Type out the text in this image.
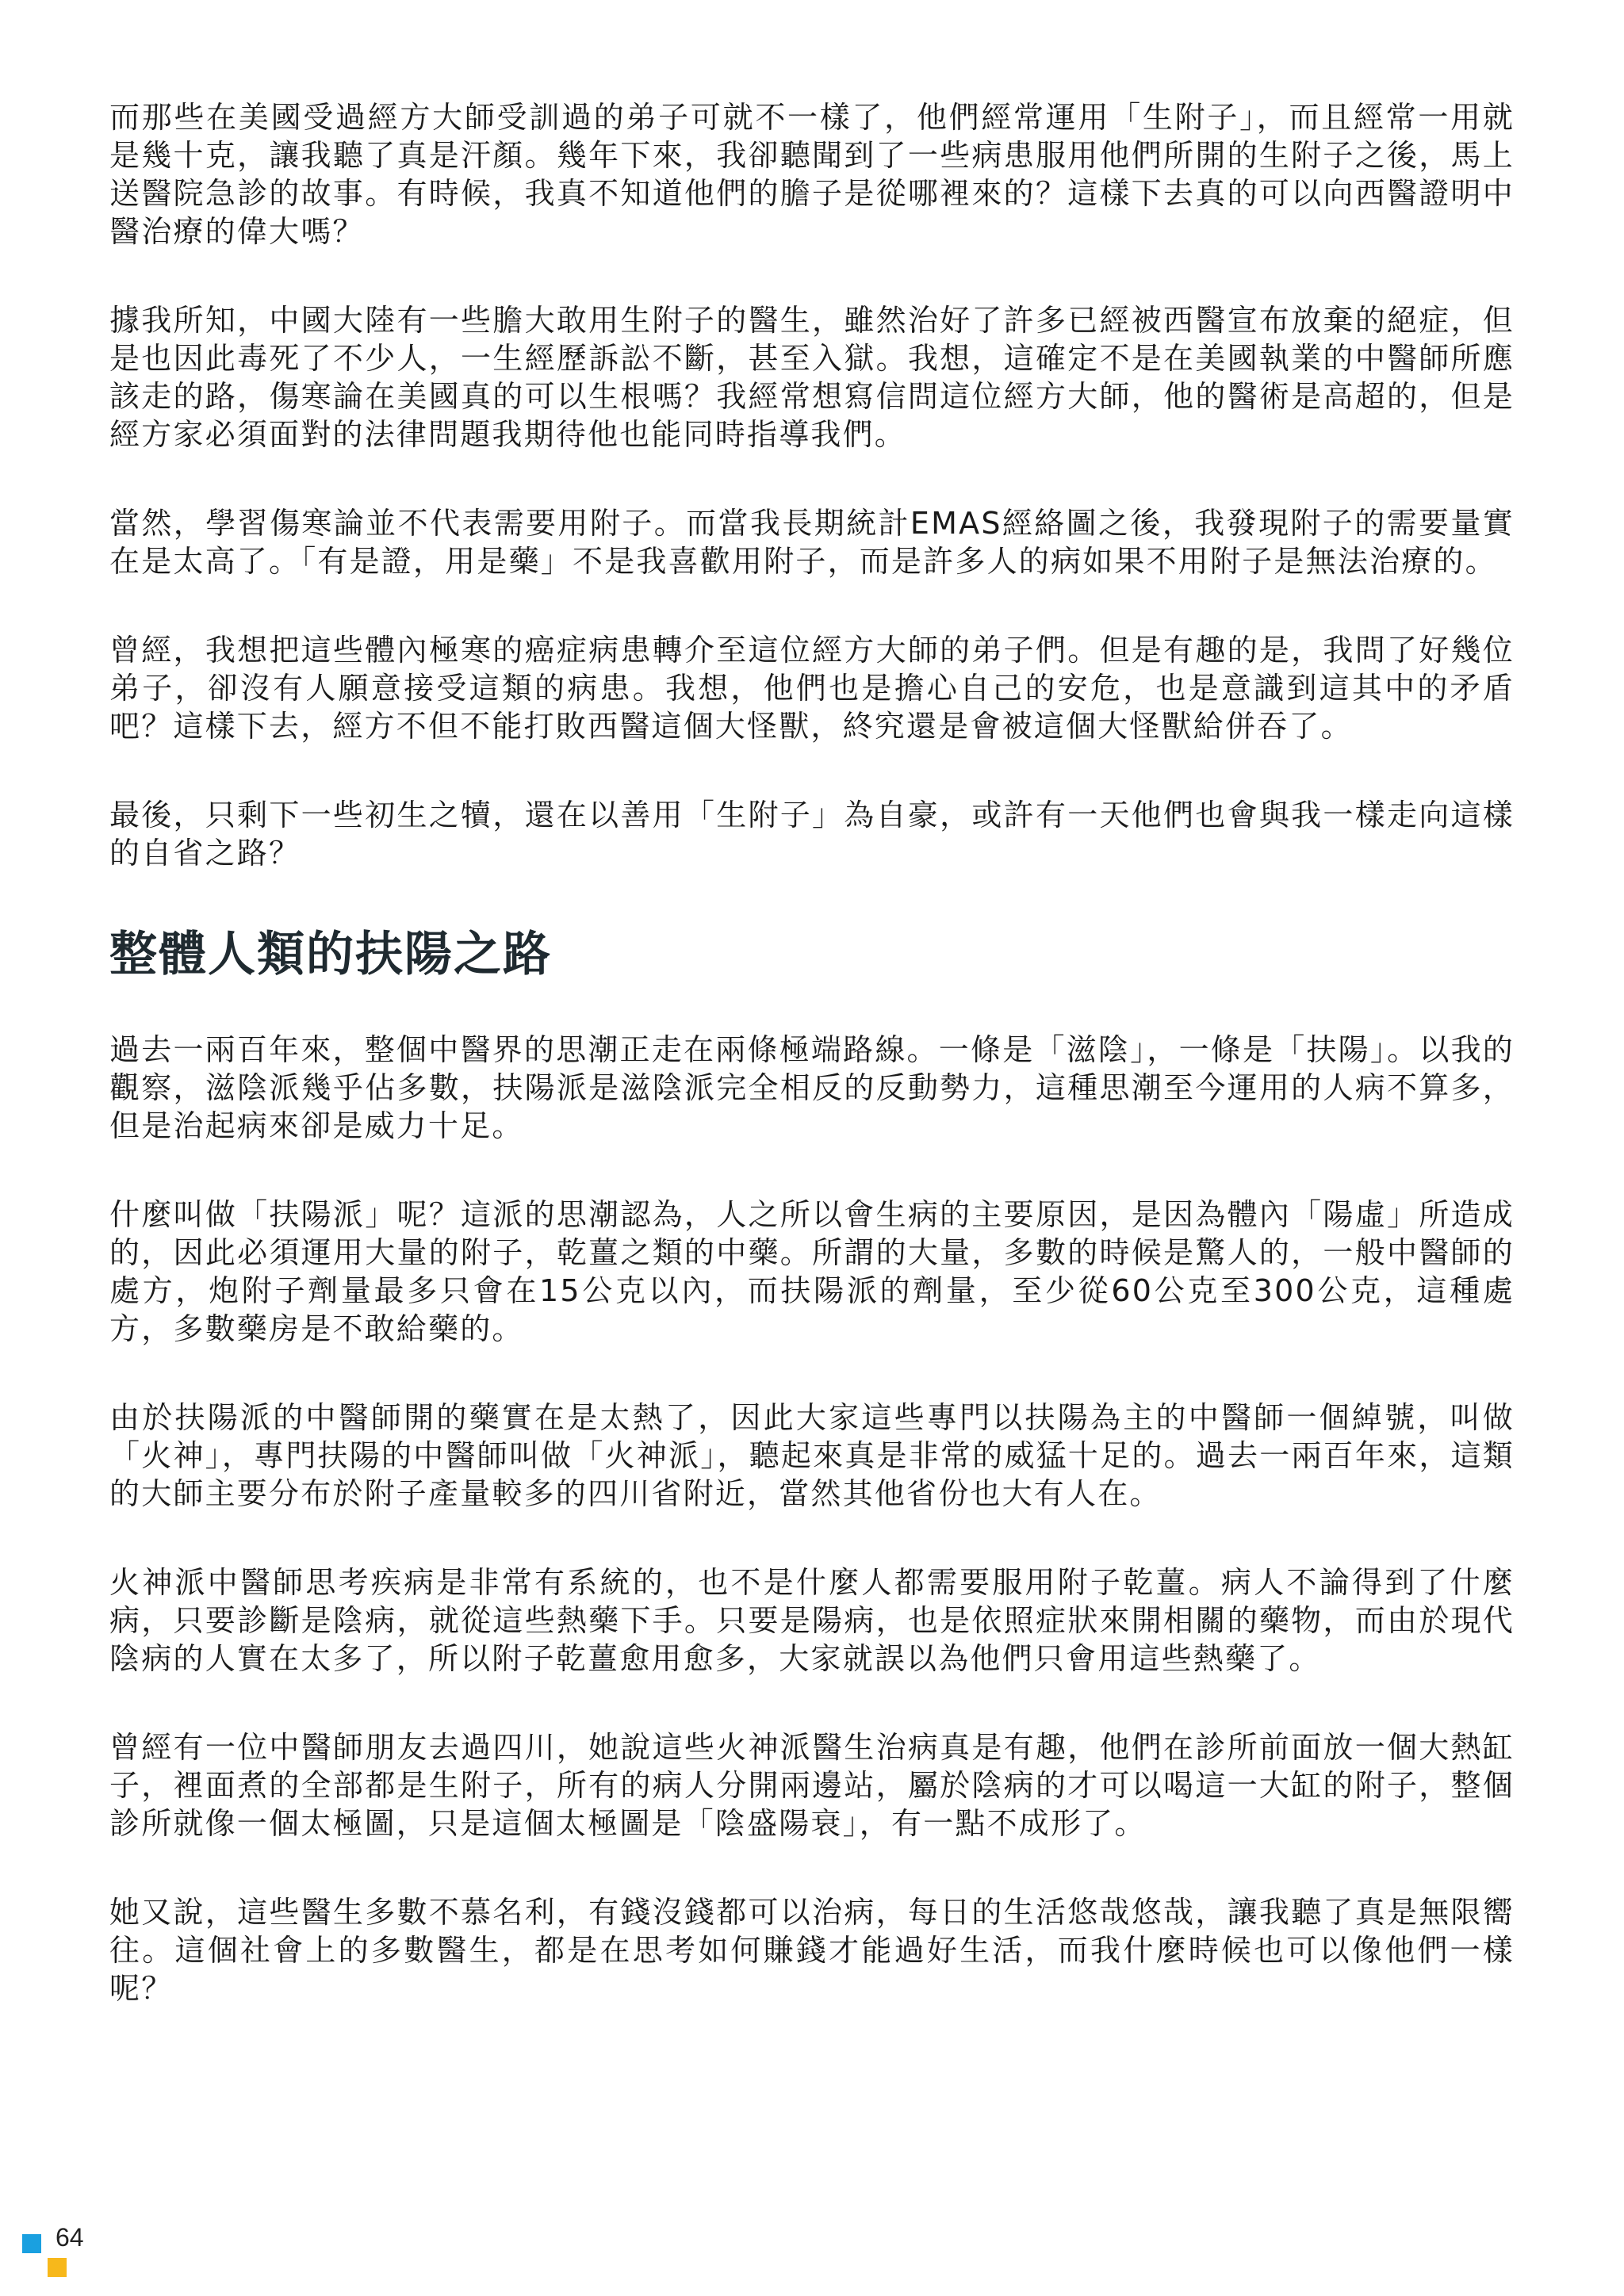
而那些在美國受過經方大師受訓過的弟子可就不一樣了，他們經常運用「生附子」，而且經常一用就是幾十克，讓我聽了真是汗顏。幾年下來，我卻聽聞到了一些病患服用他們所開的生附子之後，馬上送醫院急診的故事。有時候，我真不知道他們的膽子是從哪裡來的？這樣下去真的可以向西醫證明中醫治療的偉大嗎？

據我所知，中國大陸有一些膽大敢用生附子的醫生，雖然治好了許多已經被西醫宣布放棄的絕症，但是也因此毒死了不少人，一生經歷訴訟不斷，甚至入獄。我想，這確定不是在美國執業的中醫師所應該走的路，傷寒論在美國真的可以生根嗎？我經常想寫信問這位經方大師，他的醫術是高超的，但是經方家必須面對的法律問題我期待他也能同時指導我們。

當然，學習傷寒論並不代表需要用附子。而當我長期統計EMAS經絡圖之後，我發現附子的需要量實在是太高了。「有是證，用是藥」不是我喜歡用附子，而是許多人的病如果不用附子是無法治療的。

曾經，我想把這些體內極寒的癌症病患轉介至這位經方大師的弟子們。但是有趣的是，我問了好幾位弟子，卻沒有人願意接受這類的病患。我想，他們也是擔心自己的安危，也是意識到這其中的矛盾吧？這樣下去，經方不但不能打敗西醫這個大怪獸，終究還是會被這個大怪獸給併吞了。

最後，只剩下一些初生之犢，還在以善用「生附子」為自豪，或許有一天他們也會與我一樣走向這樣的自省之路？

整體人類的扶陽之路

過去一兩百年來，整個中醫界的思潮正走在兩條極端路線。一條是「滋陰」，一條是「扶陽」。以我的觀察，滋陰派幾乎佔多數，扶陽派是滋陰派完全相反的反動勢力，這種思潮至今運用的人病不算多，但是治起病來卻是威力十足。

什麼叫做「扶陽派」呢？這派的思潮認為，人之所以會生病的主要原因，是因為體內「陽虛」所造成的，因此必須運用大量的附子，乾薑之類的中藥。所謂的大量，多數的時候是驚人的，一般中醫師的處方，炮附子劑量最多只會在15公克以內，而扶陽派的劑量，至少從60公克至300公克，這種處方，多數藥房是不敢給藥的。

由於扶陽派的中醫師開的藥實在是太熱了，因此大家這些專門以扶陽為主的中醫師一個綽號，叫做「火神」，專門扶陽的中醫師叫做「火神派」，聽起來真是非常的威猛十足的。過去一兩百年來，這類的大師主要分布於附子產量較多的四川省附近，當然其他省份也大有人在。

火神派中醫師思考疾病是非常有系統的，也不是什麼人都需要服用附子乾薑。病人不論得到了什麼病，只要診斷是陰病，就從這些熱藥下手。只要是陽病，也是依照症狀來開相關的藥物，而由於現代陰病的人實在太多了，所以附子乾薑愈用愈多，大家就誤以為他們只會用這些熱藥了。

曾經有一位中醫師朋友去過四川，她說這些火神派醫生治病真是有趣，他們在診所前面放一個大熱缸子，裡面煮的全部都是生附子，所有的病人分開兩邊站，屬於陰病的才可以喝這一大缸的附子，整個診所就像一個太極圖，只是這個太極圖是「陰盛陽衰」，有一點不成形了。

她又說，這些醫生多數不慕名利，有錢沒錢都可以治病，每日的生活悠哉悠哉，讓我聽了真是無限嚮往。這個社會上的多數醫生，都是在思考如何賺錢才能過好生活，而我什麼時候也可以像他們一樣呢？

64
